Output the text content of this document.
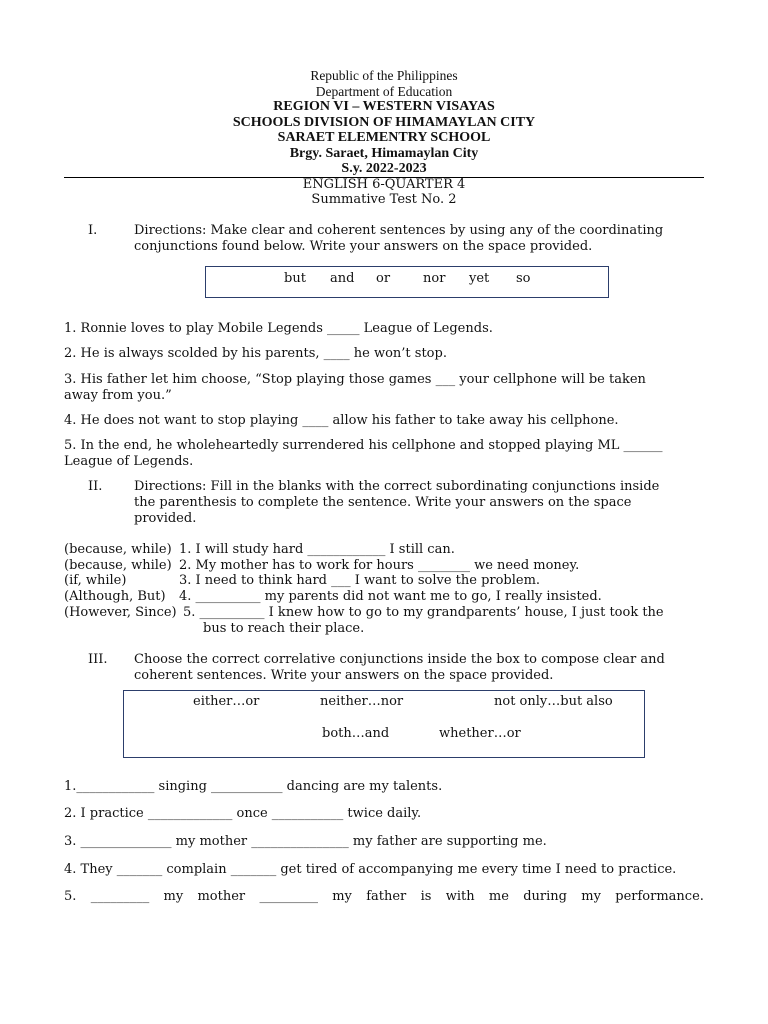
Republic of the Philippines
Department of Education
REGION VI – WESTERN VISAYAS
SCHOOLS DIVISION OF HIMAMAYLAN CITY
SARAET ELEMENTRY SCHOOL
Brgy. Saraet, Himamaylan City
S.y. 2022-2023
ENGLISH 6-QUARTER 4
Summative Test No. 2
I.	Directions: Make clear and coherent sentences by using any of the coordinating
conjunctions found below. Write your answers on the space provided.
but and or	nor yet so
1. Ronnie loves to play Mobile Legends _____ League of Legends.
2. He is always scolded by his parents, ____ he won’t stop.
3. His father let him choose, “Stop playing those games ___ your cellphone will be taken
away from you.”
4. He does not want to stop playing ____ allow his father to take away his cellphone.
5. In the end, he wholeheartedly surrendered his cellphone and stopped playing ML ______
League of Legends.
II. Directions: Fill in the blanks with the correct subordinating conjunctions inside
the parenthesis to complete the sentence. Write your answers on the space
provided.
(because, while) 1. I will study hard ____________ I still can.
(because, while) 2. My mother has to work for hours ________ we need money.
(if, while)	3. I need to think hard ___ I want to solve the problem.
(Although, But) 4. __________ my parents did not want me to go, I really insisted.
(However, Since) 5. __________ I knew how to go to my grandparents’ house, I just took the
bus to reach their place.
III. Choose the correct correlative conjunctions inside the box to compose clear and
coherent sentences. Write your answers on the space provided.
either…or	neither…nor	not only…but also
both…and	whether…or
1.____________ singing ___________ dancing are my talents.
2. I practice _____________ once ___________ twice daily.
3. ______________ my mother _______________ my father are supporting me.
4. They _______ complain _______ get tired of accompanying me every time I need to practice.
5. _________ my mother _________ my father is with me during my performance.
